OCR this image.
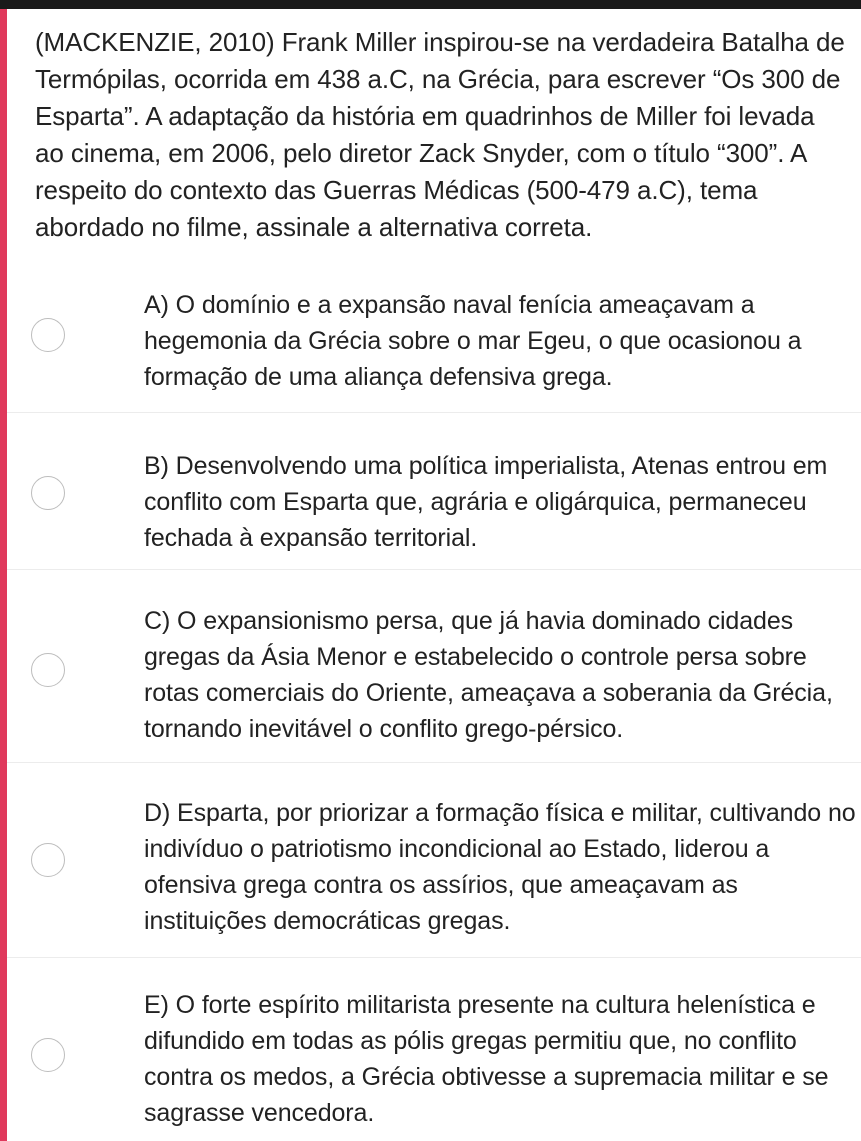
(MACKENZIE, 2010) Frank Miller inspirou-se na verdadeira Batalha de Termópilas, ocorrida em 438 a.C, na Grécia, para escrever “Os 300 de Esparta”. A adaptação da história em quadrinhos de Miller foi levada ao cinema, em 2006, pelo diretor Zack Snyder, com o título “300”. A respeito do contexto das Guerras Médicas (500-479 a.C), tema abordado no filme, assinale a alternativa correta.

A) O domínio e a expansão naval fenícia ameaçavam a hegemonia da Grécia sobre o mar Egeu, o que ocasionou a formação de uma aliança defensiva grega.

B) Desenvolvendo uma política imperialista, Atenas entrou em conflito com Esparta que, agrária e oligárquica, permaneceu fechada à expansão territorial.

C) O expansionismo persa, que já havia dominado cidades gregas da Ásia Menor e estabelecido o controle persa sobre rotas comerciais do Oriente, ameaçava a soberania da Grécia, tornando inevitável o conflito grego-pérsico.

D) Esparta, por priorizar a formação física e militar, cultivando no indivíduo o patriotismo incondicional ao Estado, liderou a ofensiva grega contra os assírios, que ameaçavam as instituições democráticas gregas.

E) O forte espírito militarista presente na cultura helenística e difundido em todas as pólis gregas permitiu que, no conflito contra os medos, a Grécia obtivesse a supremacia militar e se sagrasse vencedora.
